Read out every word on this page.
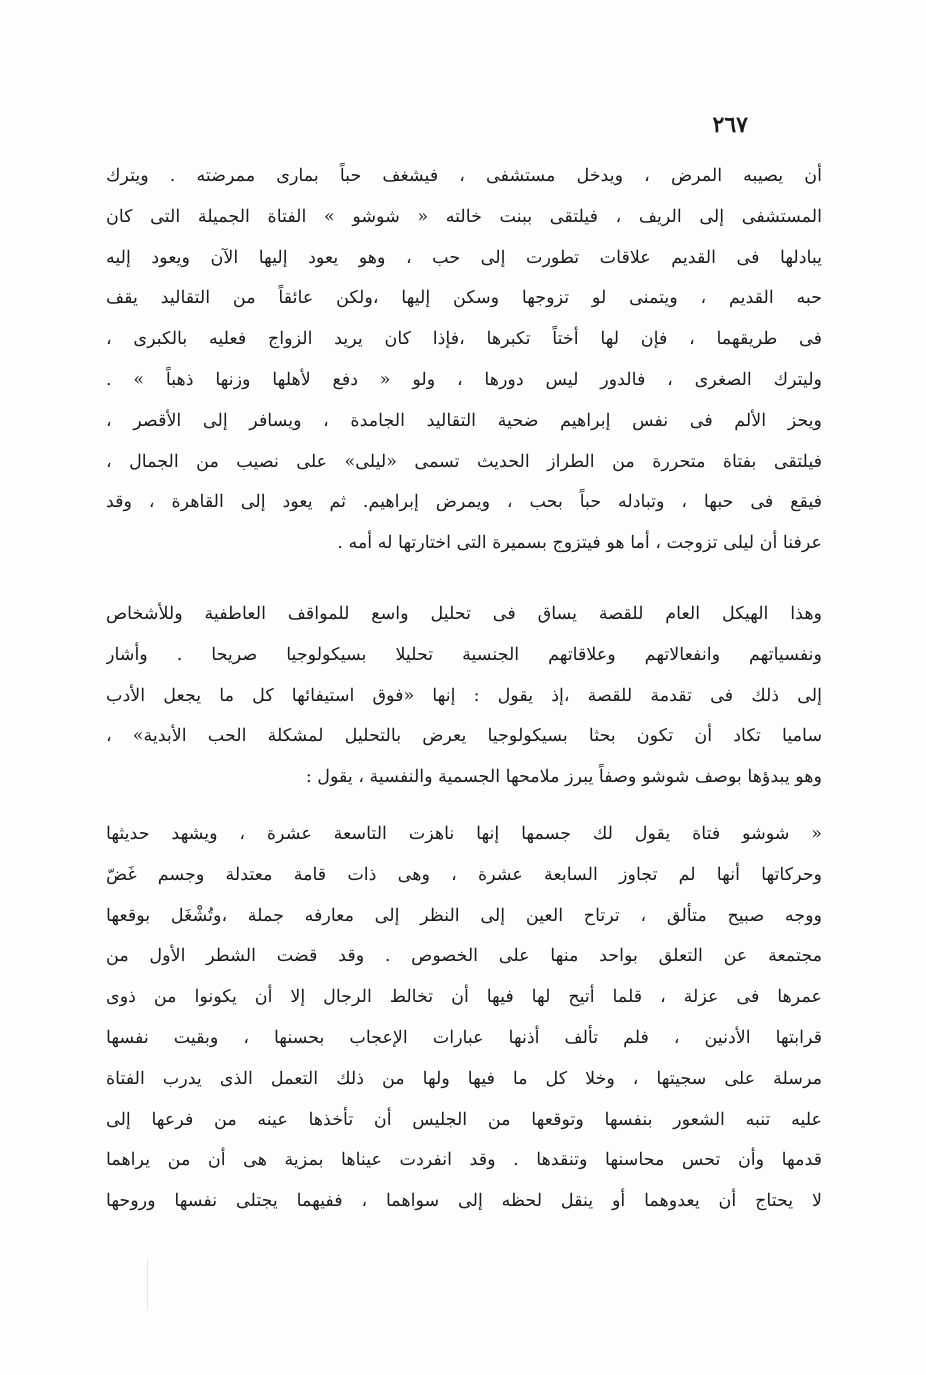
٢٦٧
أن يصيبه المرض ، ويدخل مستشفى ، فيشغف حباً بمارى ممرضته . ويترك
المستشفى إلى الريف ، فيلتقى ببنت خالته « شوشو » الفتاة الجميلة التى كان
يبادلها فى القديم علاقات تطورت إلى حب ، وهو يعود إليها الآن ويعود إليه
حبه القديم ، ويتمنى لو تزوجها وسكن إليها ،ولكن عائقاً من التقاليد يقف
فى طريقهما ، فإن لها أختاً تكبرها ،فإذا كان يريد الزواج فعليه بالكبرى ،
وليترك الصغرى ، فالدور ليس دورها ، ولو « دفع لأهلها وزنها ذهباً » .
ويحز الألم فى نفس إبراهيم ضحية التقاليد الجامدة ، ويسافر إلى الأقصر ،
فيلتقى بفتاة متحررة من الطراز الحديث تسمى «ليلى» على نصيب من الجمال ،
فيقع فى حبها ، وتبادله حباً بحب ، ويمرض إبراهيم. ثم يعود إلى القاهرة ، وقد
عرفنا أن ليلى تزوجت ، أما هو فيتزوج بسميرة التى اختارتها له أمه .
وهذا الهيكل العام للقصة يساق فى تحليل واسع للمواقف العاطفية وللأشخاص
ونفسياتهم وانفعالاتهم وعلاقاتهم الجنسية تحليلا بسيكولوجيا صريحا . وأشار
إلى ذلك فى تقدمة للقصة ،إذ يقول : إنها «فوق استيفائها كل ما يجعل الأدب
ساميا تكاد أن تكون بحثا بسيكولوجيا يعرض بالتحليل لمشكلة الحب الأبدية» ،
وهو يبدؤها بوصف شوشو وصفاً يبرز ملامحها الجسمية والنفسية ، يقول :
« شوشو فتاة يقول لك جسمها إنها ناهزت التاسعة عشرة ، ويشهد حديثها
وحركاتها أنها لم تجاوز السابعة عشرة ، وهى ذات قامة معتدلة وجسم غَضّ
ووجه صبيح متألق ، ترتاح العين إلى النظر إلى معارفه جملة ،وتُشْغَل بوقعها
مجتمعة عن التعلق بواحد منها على الخصوص . وقد قضت الشطر الأول من
عمرها فى عزلة ، قلما أتيح لها فيها أن تخالط الرجال إلا أن يكونوا من ذوى
قرابتها الأدنين ، فلم تألف أذنها عبارات الإعجاب بحسنها ، وبقيت نفسها
مرسلة على سجيتها ، وخلا كل ما فيها ولها من ذلك التعمل الذى يدرب الفتاة
عليه تنبه الشعور بنفسها وتوقعها من الجليس أن تأخذها عينه من فرعها إلى
قدمها وأن تحس محاسنها وتنقدها . وقد انفردت عيناها بمزية هى أن من يراهما
لا يحتاج أن يعدوهما أو ينقل لحظه إلى سواهما ، ففيهما يجتلى نفسها وروحها
